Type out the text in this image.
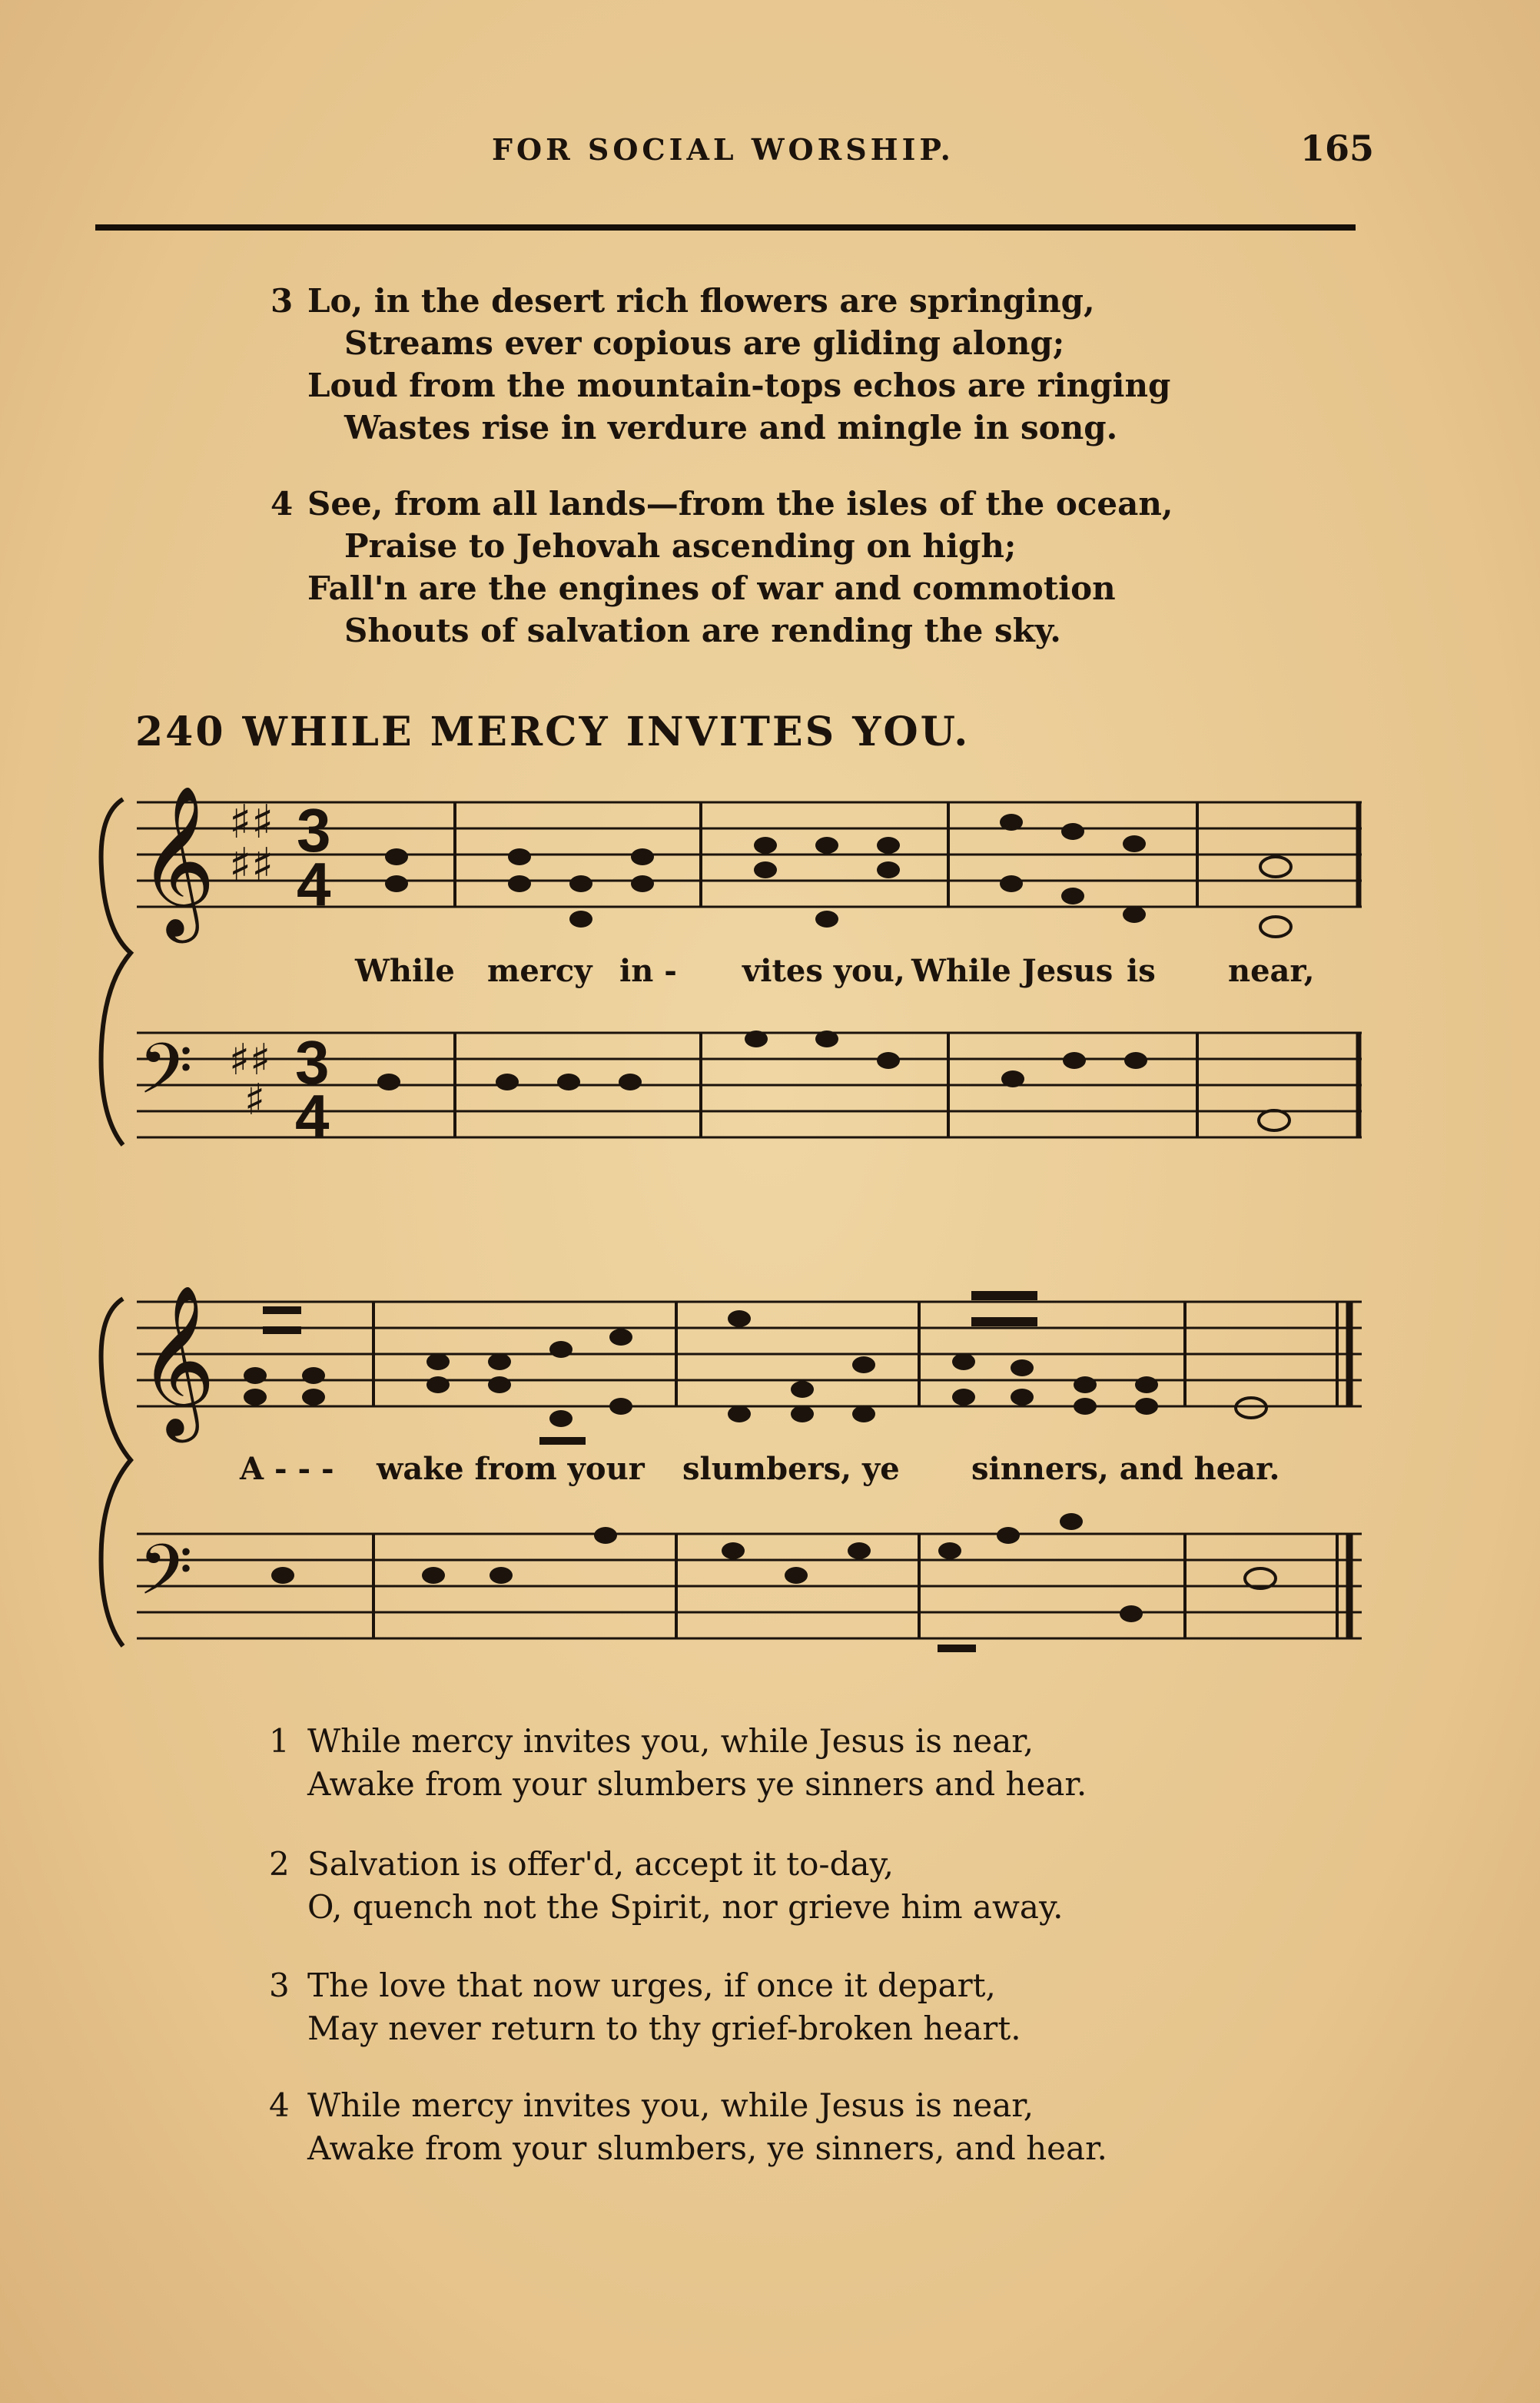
FOR SOCIAL WORSHIP.	165
3 Lo, in the desert rich flowers are springing,
Streams ever copious are gliding along;
Loud from the mountain-tops echos are ringing
Wastes rise in verdure and mingle in song.
4 See, from all lands—from the isles of the ocean,
Praise to Jehovah ascending on high;
Fall'n are the engines of war and commotion
Shouts of salvation are rending the sky.
240 WHILE MERCY INVITES YOU.
𝄞
𝄢
𝄞
𝄢
♯♯
♯♯
♯♯
♯
3
4
3
4
While mercy in - vites you, While Jesus is near,
A - - - wake from your slumbers, ye sinners, and hear.
1 While mercy invites you, while Jesus is near,
Awake from your slumbers ye sinners and hear.
2 Salvation is offer'd, accept it to-day,
O, quench not the Spirit, nor grieve him away.
3 The love that now urges, if once it depart,
May never return to thy grief-broken heart.
4 While mercy invites you, while Jesus is near,
Awake from your slumbers, ye sinners, and hear.
